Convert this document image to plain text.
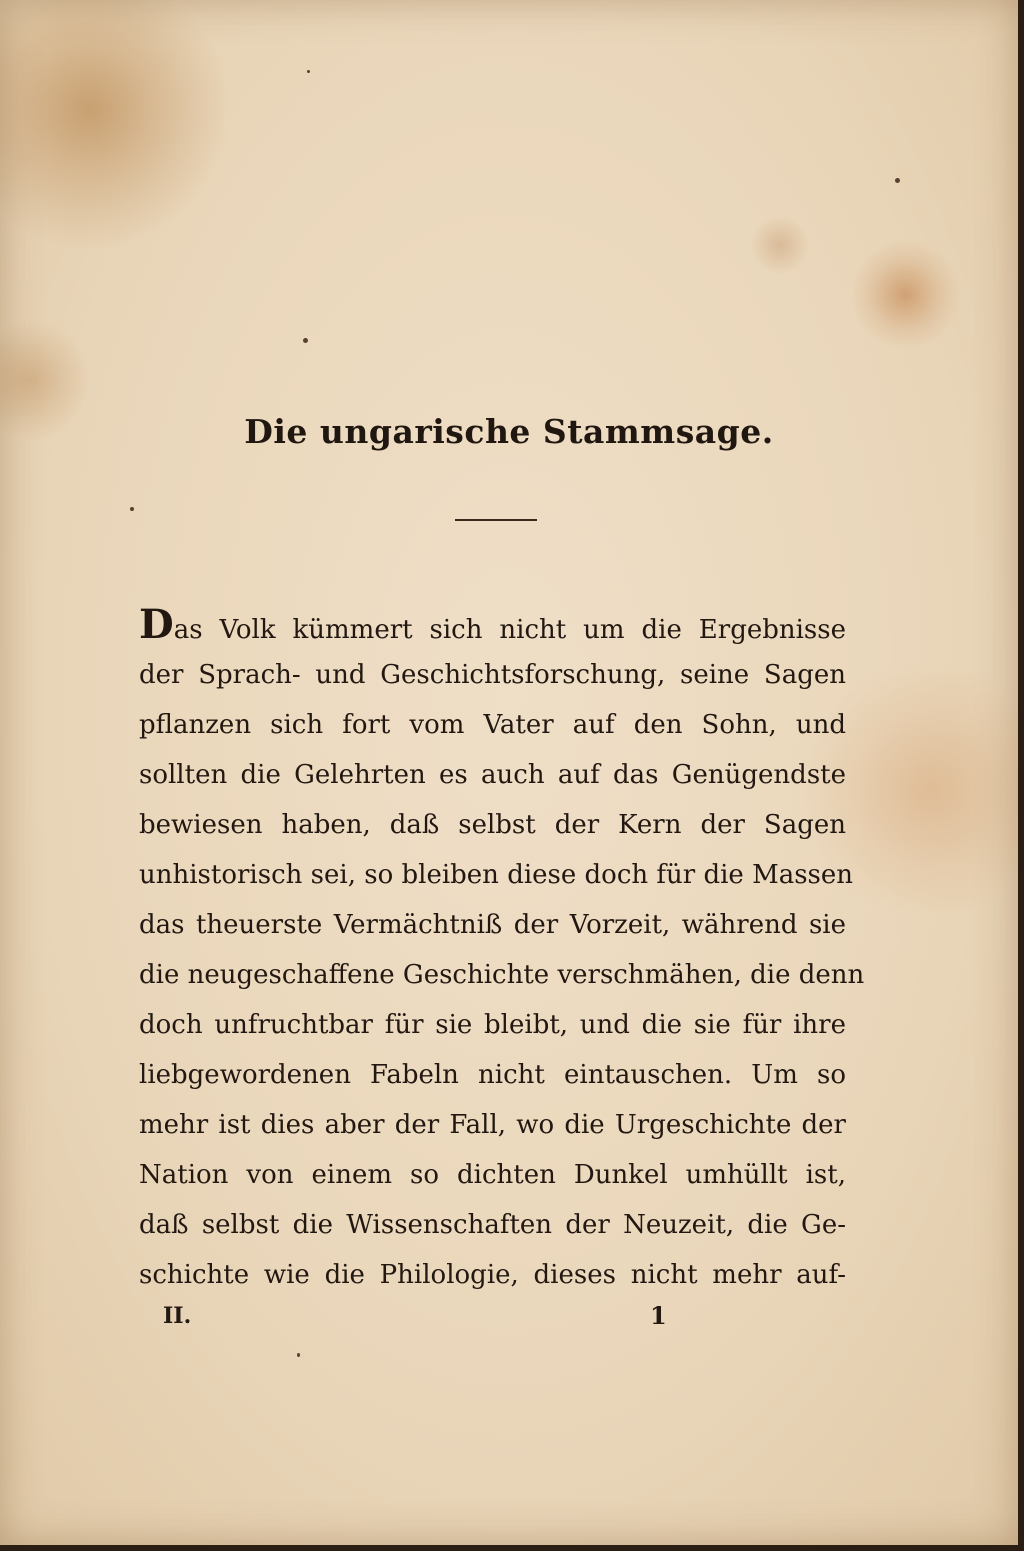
Die ungarische Stammsage.
Das Volk kümmert sich nicht um die Ergebnisse
der Sprach- und Geschichtsforschung, seine Sagen
pflanzen sich fort vom Vater auf den Sohn, und
sollten die Gelehrten es auch auf das Genügendste
bewiesen haben, daß selbst der Kern der Sagen
unhistorisch sei, so bleiben diese doch für die Massen
das theuerste Vermächtniß der Vorzeit, während sie
die neugeschaffene Geschichte verschmähen, die denn
doch unfruchtbar für sie bleibt, und die sie für ihre
liebgewordenen Fabeln nicht eintauschen. Um so
mehr ist dies aber der Fall, wo die Urgeschichte der
Nation von einem so dichten Dunkel umhüllt ist,
daß selbst die Wissenschaften der Neuzeit, die Ge-
schichte wie die Philologie, dieses nicht mehr auf-
II.	1
